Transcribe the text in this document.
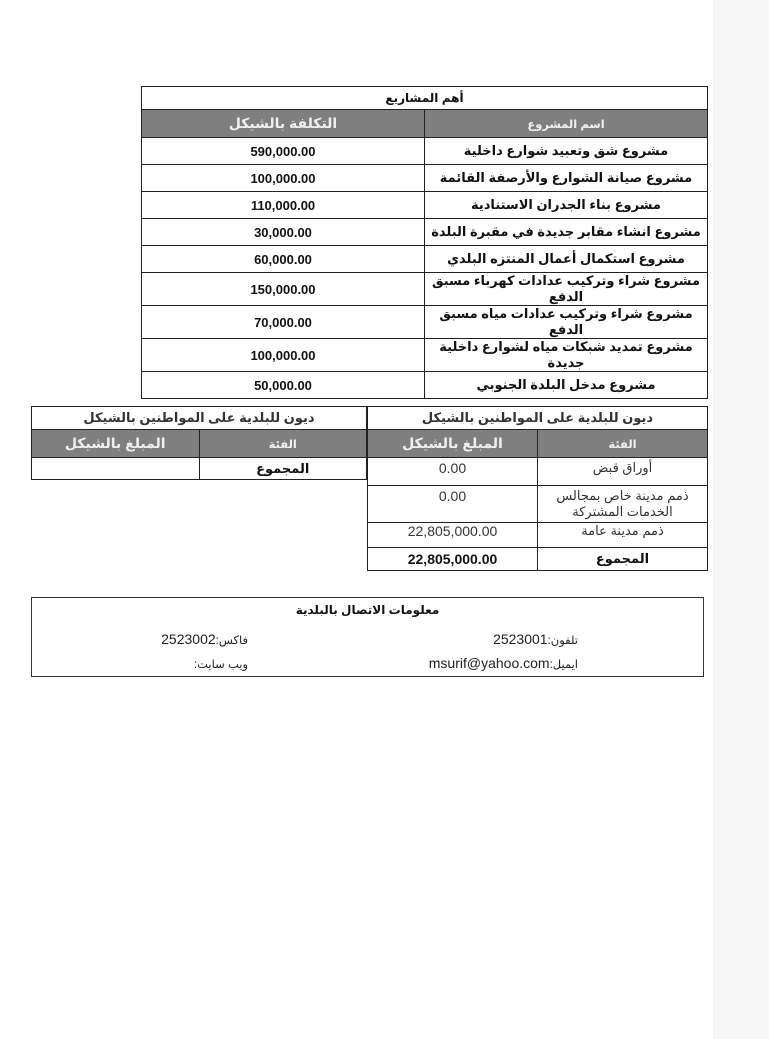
أهم المشاريع	
اسم المشروع	التكلفة بالشيكل
مشروع شق وتعبيد شوارع داخلية	590,000.00
مشروع صيانة الشوارع والأرصفة القائمة	100,000.00
مشروع بناء الجدران الاستنادية	110,000.00
مشروع انشاء مقابر جديدة في مقبرة البلدة	30,000.00
مشروع استكمال أعمال المنتزه البلدي	60,000.00
مشروع شراء وتركيب عدادات كهرباء مسبق الدفع	150,000.00
مشروع شراء وتركيب عدادات مياه مسبق الدفع	70,000.00
مشروع تمديد شبكات مياه لشوارع داخلية جديدة	100,000.00
مشروع مدخل البلدة الجنوبي	50,000.00
ديون للبلدية على المواطنين بالشيكل	
الفئة	المبلغ بالشيكل
أوراق قبض	0.00
ذمم مدينة خاص بمجالس الخدمات المشتركة	0.00
ذمم مدينة عامة	22,805,000.00
المجموع	22,805,000.00
ديون للبلدية على المواطنين بالشيكل	
الفئة	المبلغ بالشيكل
المجموع	
معلومات الاتصال بالبلدية
تلفون:2523001
فاكس:2523002
ايميل:msurif@yahoo.com
ويب سايت:
